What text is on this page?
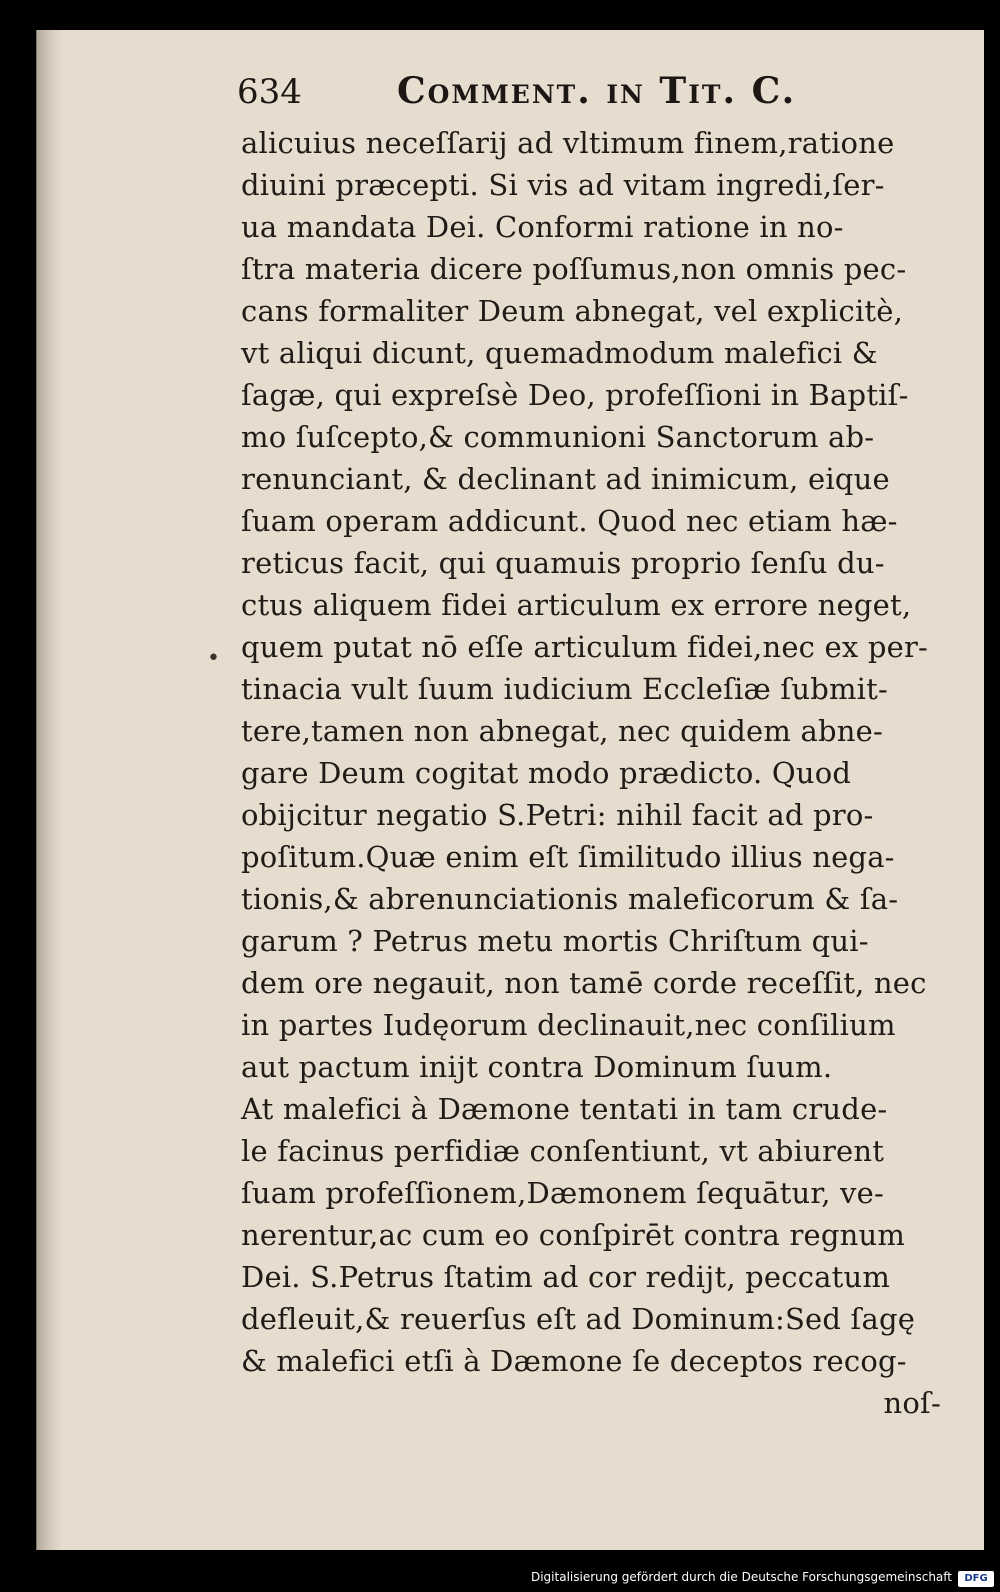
634	Comment. in Tit. C.
•
alicuius neceſſarij ad vltimum finem,ratione
diuini præcepti. Si vis ad vitam ingredi,ſer-
ua mandata Dei. Conformi ratione in no-
ſtra materia dicere poſſumus,non omnis pec-
cans formaliter Deum abnegat, vel explicitè,
vt aliqui dicunt, quemadmodum malefici &
ſagæ, qui expreſsè Deo, profeſſioni in Baptiſ-
mo ſuſcepto,& communioni Sanctorum ab-
renunciant, & declinant ad inimicum, eique
ſuam operam addicunt. Quod nec etiam hæ-
reticus facit, qui quamuis proprio ſenſu du-
ctus aliquem fidei articulum ex errore neget,
quem putat nō eſſe articulum fidei,nec ex per-
tinacia vult ſuum iudicium Eccleſiæ ſubmit-
tere,tamen non abnegat, nec quidem abne-
gare Deum cogitat modo prædicto. Quod
obijcitur negatio S.Petri: nihil facit ad pro-
poſitum.Quæ enim eſt ſimilitudo illius nega-
tionis,& abrenunciationis maleficorum & ſa-
garum ? Petrus metu mortis Chriſtum qui-
dem ore negauit, non tamē corde receſſit, nec
in partes Iudęorum declinauit,nec conſilium
aut pactum inijt contra Dominum ſuum.
At malefici à Dæmone tentati in tam crude-
le facinus perfidiæ conſentiunt, vt abiurent
ſuam profeſſionem,Dæmonem ſequātur, ve-
nerentur,ac cum eo conſpirēt contra regnum
Dei. S.Petrus ſtatim ad cor redijt, peccatum
defleuit,& reuerſus eſt ad Dominum:Sed ſagę
& malefici etſi à Dæmone ſe deceptos recog-
noſ-
Digitalisierung gefördert durch die Deutsche Forschungsgemeinschaft	DFG
